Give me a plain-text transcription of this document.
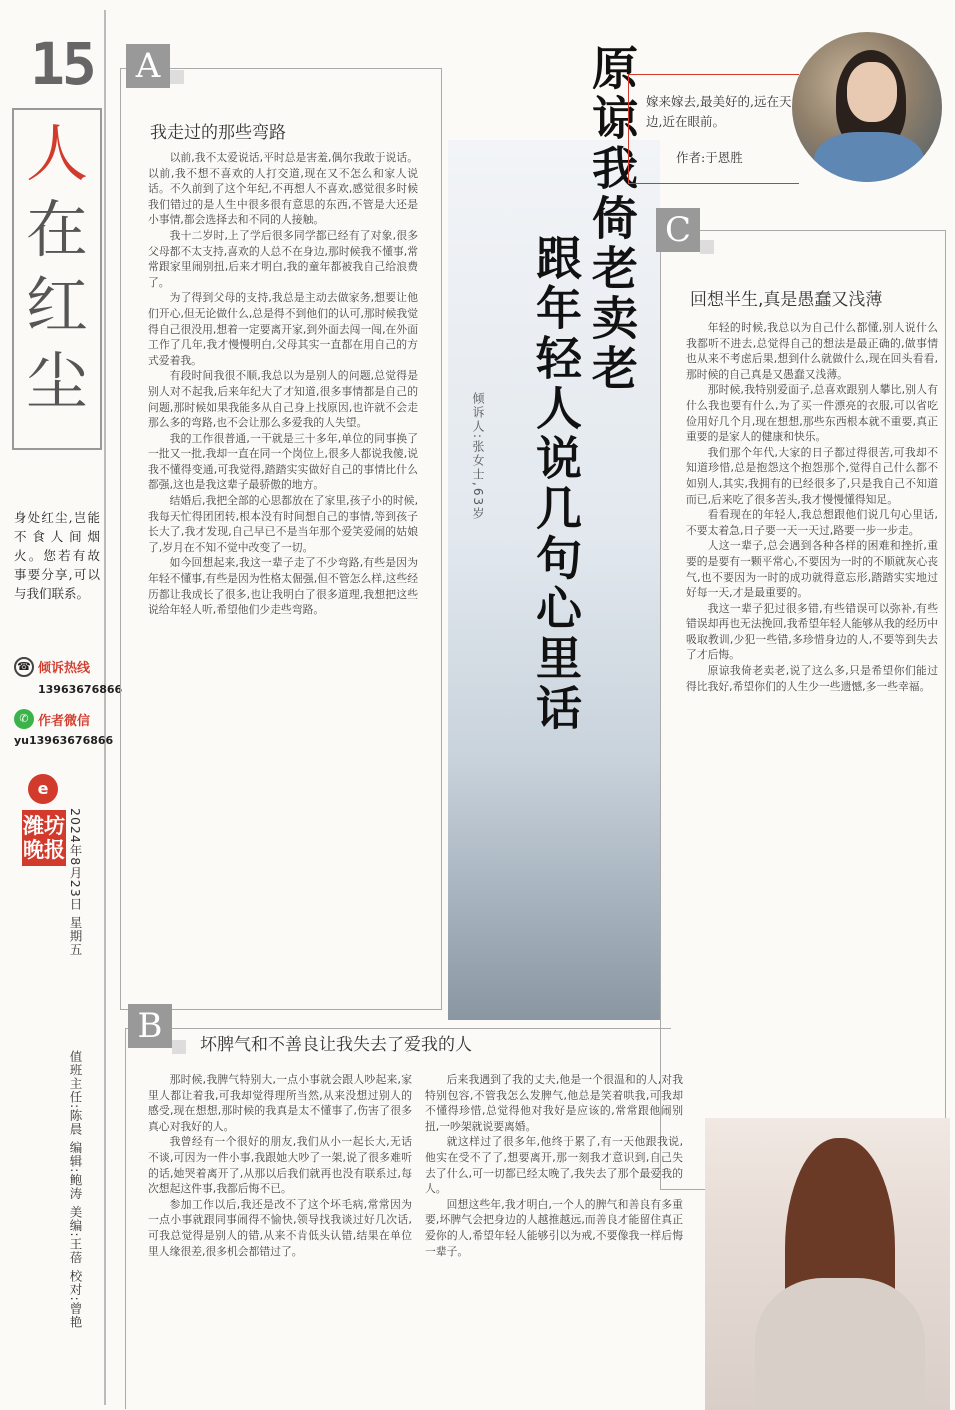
15
人
在
红
尘
身处红尘,岂能不食人间烟火。您若有故事要分享,可以与我们联系。
☎ 倾诉热线
13963676866
✆ 作者微信
yu13963676866
e
潍坊晚报 2024年8月23日 星期五
值班主任:陈晨 编辑:鲍涛 美编:王蓓 校对:曾艳
原谅我倚老卖老
跟年轻人说几句心里话
倾诉人:张女士,63岁
嫁来嫁去,最美好的,远在天边,近在眼前。
作者:于恩胜
A
我走过的那些弯路

以前,我不太爱说话,平时总是害羞,偶尔我敢于说话。以前,我不想不喜欢的人打交道,现在又不怎么和家人说话。不久前到了这个年纪,不再想人不喜欢,感觉很多时候我们错过的是人生中很多很有意思的东西,不管是大还是小事情,都会选择去和不同的人接触。

我十二岁时,上了学后很多同学都已经有了对象,很多父母都不太支持,喜欢的人总不在身边,那时候我不懂事,常常跟家里闹别扭,后来才明白,我的童年都被我自己给浪费了。

为了得到父母的支持,我总是主动去做家务,想要让他们开心,但无论做什么,总是得不到他们的认可,那时候我觉得自己很没用,想着一定要离开家,到外面去闯一闯,在外面工作了几年,我才慢慢明白,父母其实一直都在用自己的方式爱着我。

有段时间我很不顺,我总以为是别人的问题,总觉得是别人对不起我,后来年纪大了才知道,很多事情都是自己的问题,那时候如果我能多从自己身上找原因,也许就不会走那么多的弯路,也不会让那么多爱我的人失望。

我的工作很普通,一干就是三十多年,单位的同事换了一批又一批,我却一直在同一个岗位上,很多人都说我傻,说我不懂得变通,可我觉得,踏踏实实做好自己的事情比什么都强,这也是我这辈子最骄傲的地方。

结婚后,我把全部的心思都放在了家里,孩子小的时候,我每天忙得团团转,根本没有时间想自己的事情,等到孩子长大了,我才发现,自己早已不是当年那个爱笑爱闹的姑娘了,岁月在不知不觉中改变了一切。

如今回想起来,我这一辈子走了不少弯路,有些是因为年轻不懂事,有些是因为性格太倔强,但不管怎么样,这些经历都让我成长了很多,也让我明白了很多道理,我想把这些说给年轻人听,希望他们少走些弯路。

C
回想半生,真是愚蠢又浅薄

年轻的时候,我总以为自己什么都懂,别人说什么我都听不进去,总觉得自己的想法是最正确的,做事情也从来不考虑后果,想到什么就做什么,现在回头看看,那时候的自己真是又愚蠢又浅薄。

那时候,我特别爱面子,总喜欢跟别人攀比,别人有什么我也要有什么,为了买一件漂亮的衣服,可以省吃俭用好几个月,现在想想,那些东西根本就不重要,真正重要的是家人的健康和快乐。

我们那个年代,大家的日子都过得很苦,可我却不知道珍惜,总是抱怨这个抱怨那个,觉得自己什么都不如别人,其实,我拥有的已经很多了,只是我自己不知道而已,后来吃了很多苦头,我才慢慢懂得知足。

看看现在的年轻人,我总想跟他们说几句心里话,不要太着急,日子要一天一天过,路要一步一步走。

人这一辈子,总会遇到各种各样的困难和挫折,重要的是要有一颗平常心,不要因为一时的不顺就灰心丧气,也不要因为一时的成功就得意忘形,踏踏实实地过好每一天,才是最重要的。

我这一辈子犯过很多错,有些错误可以弥补,有些错误却再也无法挽回,我希望年轻人能够从我的经历中吸取教训,少犯一些错,多珍惜身边的人,不要等到失去了才后悔。

原谅我倚老卖老,说了这么多,只是希望你们能过得比我好,希望你们的人生少一些遗憾,多一些幸福。

B	坏脾气和不善良让我失去了爱我的人

那时候,我脾气特别大,一点小事就会跟人吵起来,家里人都让着我,可我却觉得理所当然,从来没想过别人的感受,现在想想,那时候的我真是太不懂事了,伤害了很多真心对我好的人。

我曾经有一个很好的朋友,我们从小一起长大,无话不谈,可因为一件小事,我跟她大吵了一架,说了很多难听的话,她哭着离开了,从那以后我们就再也没有联系过,每次想起这件事,我都后悔不已。

参加工作以后,我还是改不了这个坏毛病,常常因为一点小事就跟同事闹得不愉快,领导找我谈过好几次话,可我总觉得是别人的错,从来不肯低头认错,结果在单位里人缘很差,很多机会都错过了。

后来我遇到了我的丈夫,他是一个很温和的人,对我特别包容,不管我怎么发脾气,他总是笑着哄我,可我却不懂得珍惜,总觉得他对我好是应该的,常常跟他闹别扭,一吵架就说要离婚。

就这样过了很多年,他终于累了,有一天他跟我说,他实在受不了了,想要离开,那一刻我才意识到,自己失去了什么,可一切都已经太晚了,我失去了那个最爱我的人。

回想这些年,我才明白,一个人的脾气和善良有多重要,坏脾气会把身边的人越推越远,而善良才能留住真正爱你的人,希望年轻人能够引以为戒,不要像我一样后悔一辈子。
